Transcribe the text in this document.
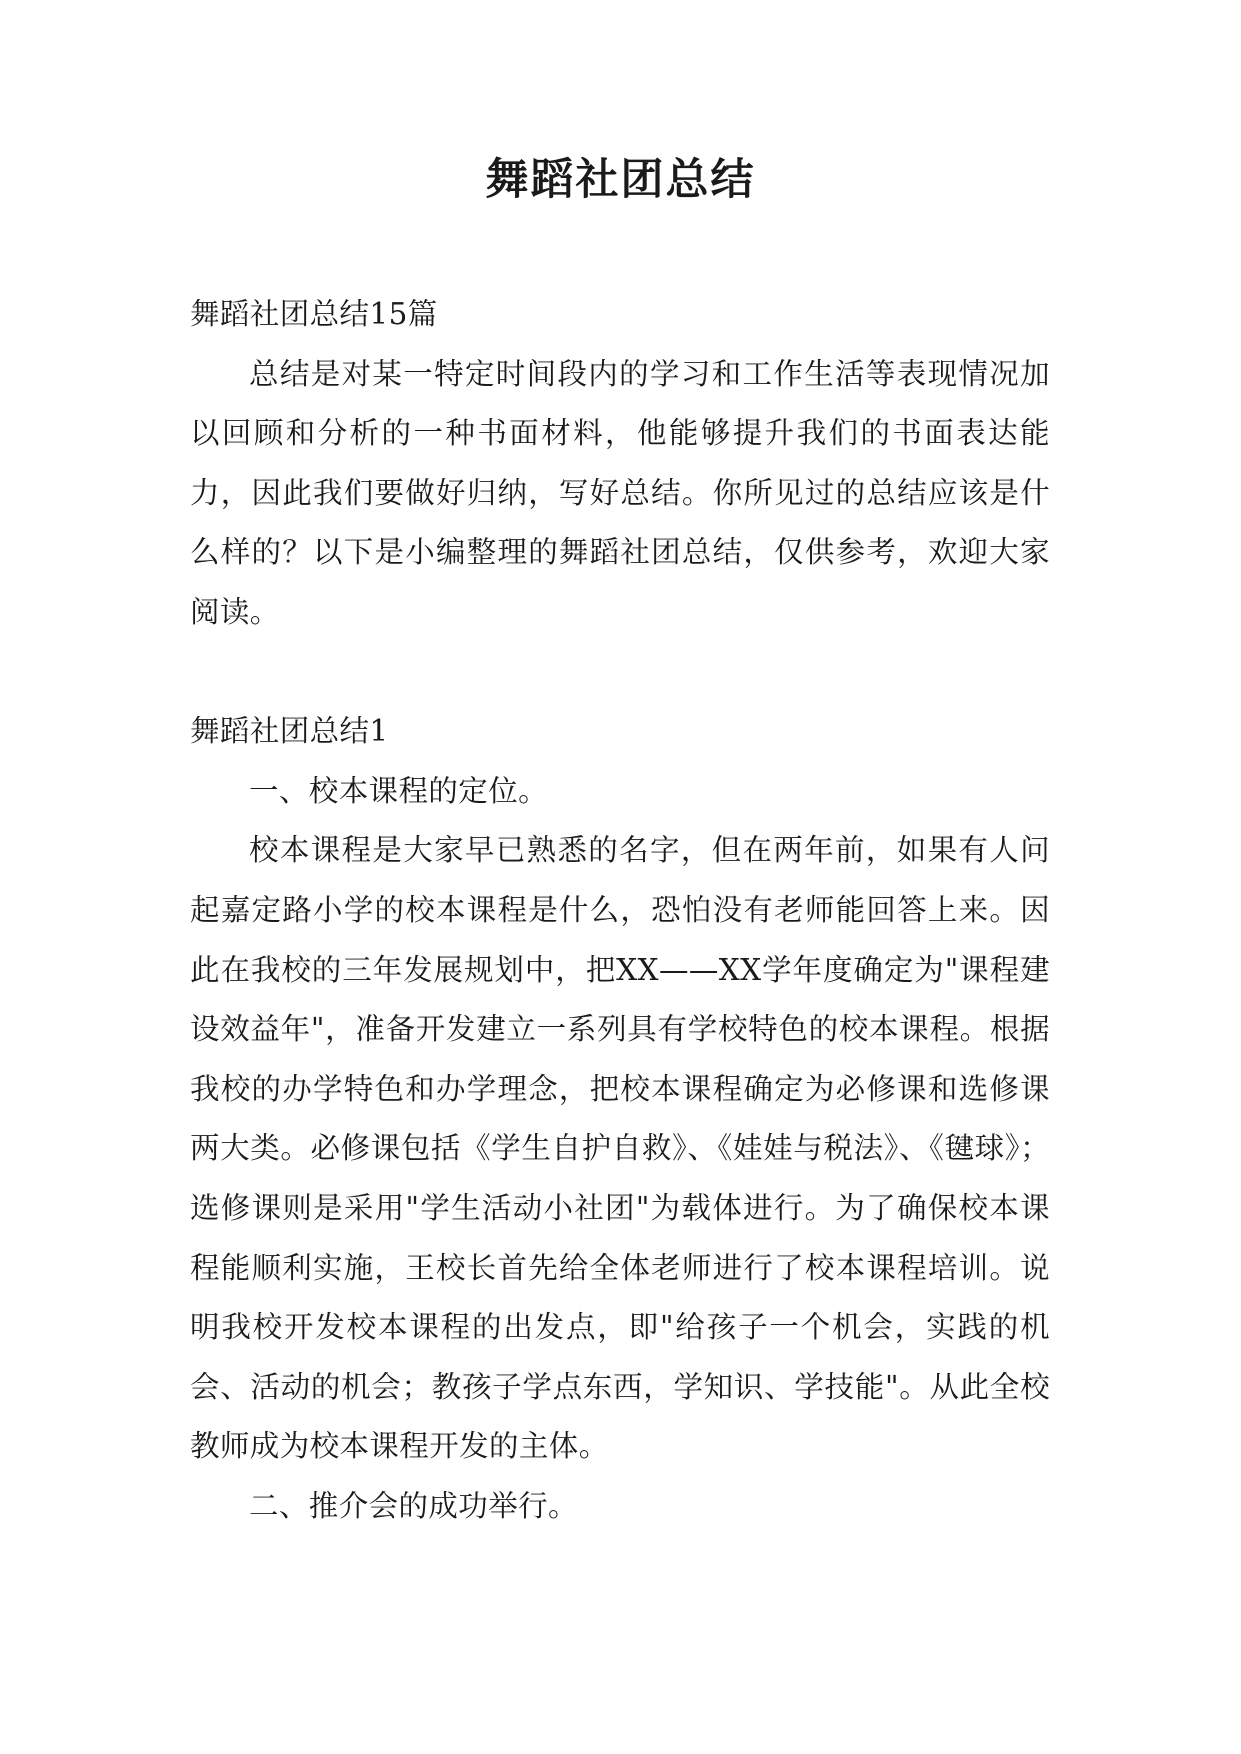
舞蹈社团总结

舞蹈社团总结15篇

总结是对某一特定时间段内的学习和工作生活等表现情况加以回顾和分析的一种书面材料，他能够提升我们的书面表达能力，因此我们要做好归纳，写好总结。你所见过的总结应该是什么样的？以下是小编整理的舞蹈社团总结，仅供参考，欢迎大家阅读。

舞蹈社团总结1

一、校本课程的定位。

校本课程是大家早已熟悉的名字，但在两年前，如果有人问起嘉定路小学的校本课程是什么，恐怕没有老师能回答上来。因此在我校的三年发展规划中，把XX——XX学年度确定为"课程建设效益年"，准备开发建立一系列具有学校特色的校本课程。根据我校的办学特色和办学理念，把校本课程确定为必修课和选修课两大类。必修课包括《学生自护自救》、《娃娃与税法》、《毽球》；选修课则是采用"学生活动小社团"为载体进行。为了确保校本课程能顺利实施，王校长首先给全体老师进行了校本课程培训。说明我校开发校本课程的出发点，即"给孩子一个机会，实践的机会、活动的机会；教孩子学点东西，学知识、学技能"。从此全校教师成为校本课程开发的主体。

二、推介会的成功举行。
